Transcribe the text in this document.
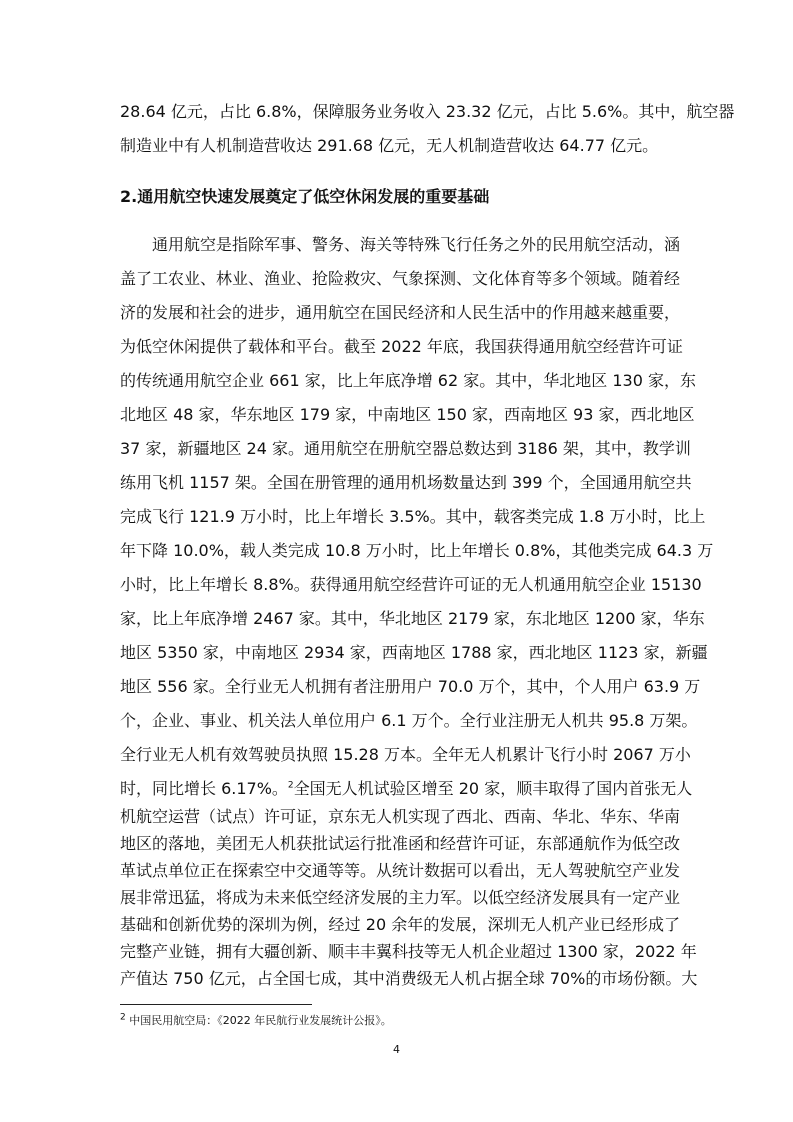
28.64 亿元，占比 6.8%，保障服务业务收入 23.32 亿元，占比 5.6%。其中，航空器
制造业中有人机制造营收达 291.68 亿元，无人机制造营收达 64.77 亿元。
2.通用航空快速发展奠定了低空休闲发展的重要基础
通用航空是指除军事、警务、海关等特殊飞行任务之外的民用航空活动，涵
盖了工农业、林业、渔业、抢险救灾、气象探测、文化体育等多个领域。随着经
济的发展和社会的进步，通用航空在国民经济和人民生活中的作用越来越重要，
为低空休闲提供了载体和平台。截至 2022 年底，我国获得通用航空经营许可证
的传统通用航空企业 661 家，比上年底净增 62 家。其中，华北地区 130 家，东
北地区 48 家，华东地区 179 家，中南地区 150 家，西南地区 93 家，西北地区
37 家，新疆地区 24 家。通用航空在册航空器总数达到 3186 架，其中，教学训
练用飞机 1157 架。全国在册管理的通用机场数量达到 399 个，全国通用航空共
完成飞行 121.9 万小时，比上年增长 3.5%。其中，载客类完成 1.8 万小时，比上
年下降 10.0%，载人类完成 10.8 万小时，比上年增长 0.8%，其他类完成 64.3 万
小时，比上年增长 8.8%。获得通用航空经营许可证的无人机通用航空企业 15130
家，比上年底净增 2467 家。其中，华北地区 2179 家，东北地区 1200 家，华东
地区 5350 家，中南地区 2934 家，西南地区 1788 家，西北地区 1123 家，新疆
地区 556 家。全行业无人机拥有者注册用户 70.0 万个，其中，个人用户 63.9 万
个，企业、事业、机关法人单位用户 6.1 万个。全行业注册无人机共 95.8 万架。
全行业无人机有效驾驶员执照 15.28 万本。全年无人机累计飞行小时 2067 万小
时，同比增长 6.17%。$^2$全国无人机试验区增至 20 家，顺丰取得了国内首张无人
机航空运营（试点）许可证，京东无人机实现了西北、西南、华北、华东、华南
地区的落地，美团无人机获批试运行批准函和经营许可证，东部通航作为低空改
革试点单位正在探索空中交通等等。从统计数据可以看出，无人驾驶航空产业发
展非常迅猛，将成为未来低空经济发展的主力军。以低空经济发展具有一定产业
基础和创新优势的深圳为例，经过 20 余年的发展，深圳无人机产业已经形成了
完整产业链，拥有大疆创新、顺丰丰翼科技等无人机企业超过 1300 家，2022 年
$^2$ 中国民用航空局：《2022 年民航行业发展统计公报》。
4
产值达 750 亿元，占全国七成，其中消费级无人机占据全球 70%的市场份额。大
